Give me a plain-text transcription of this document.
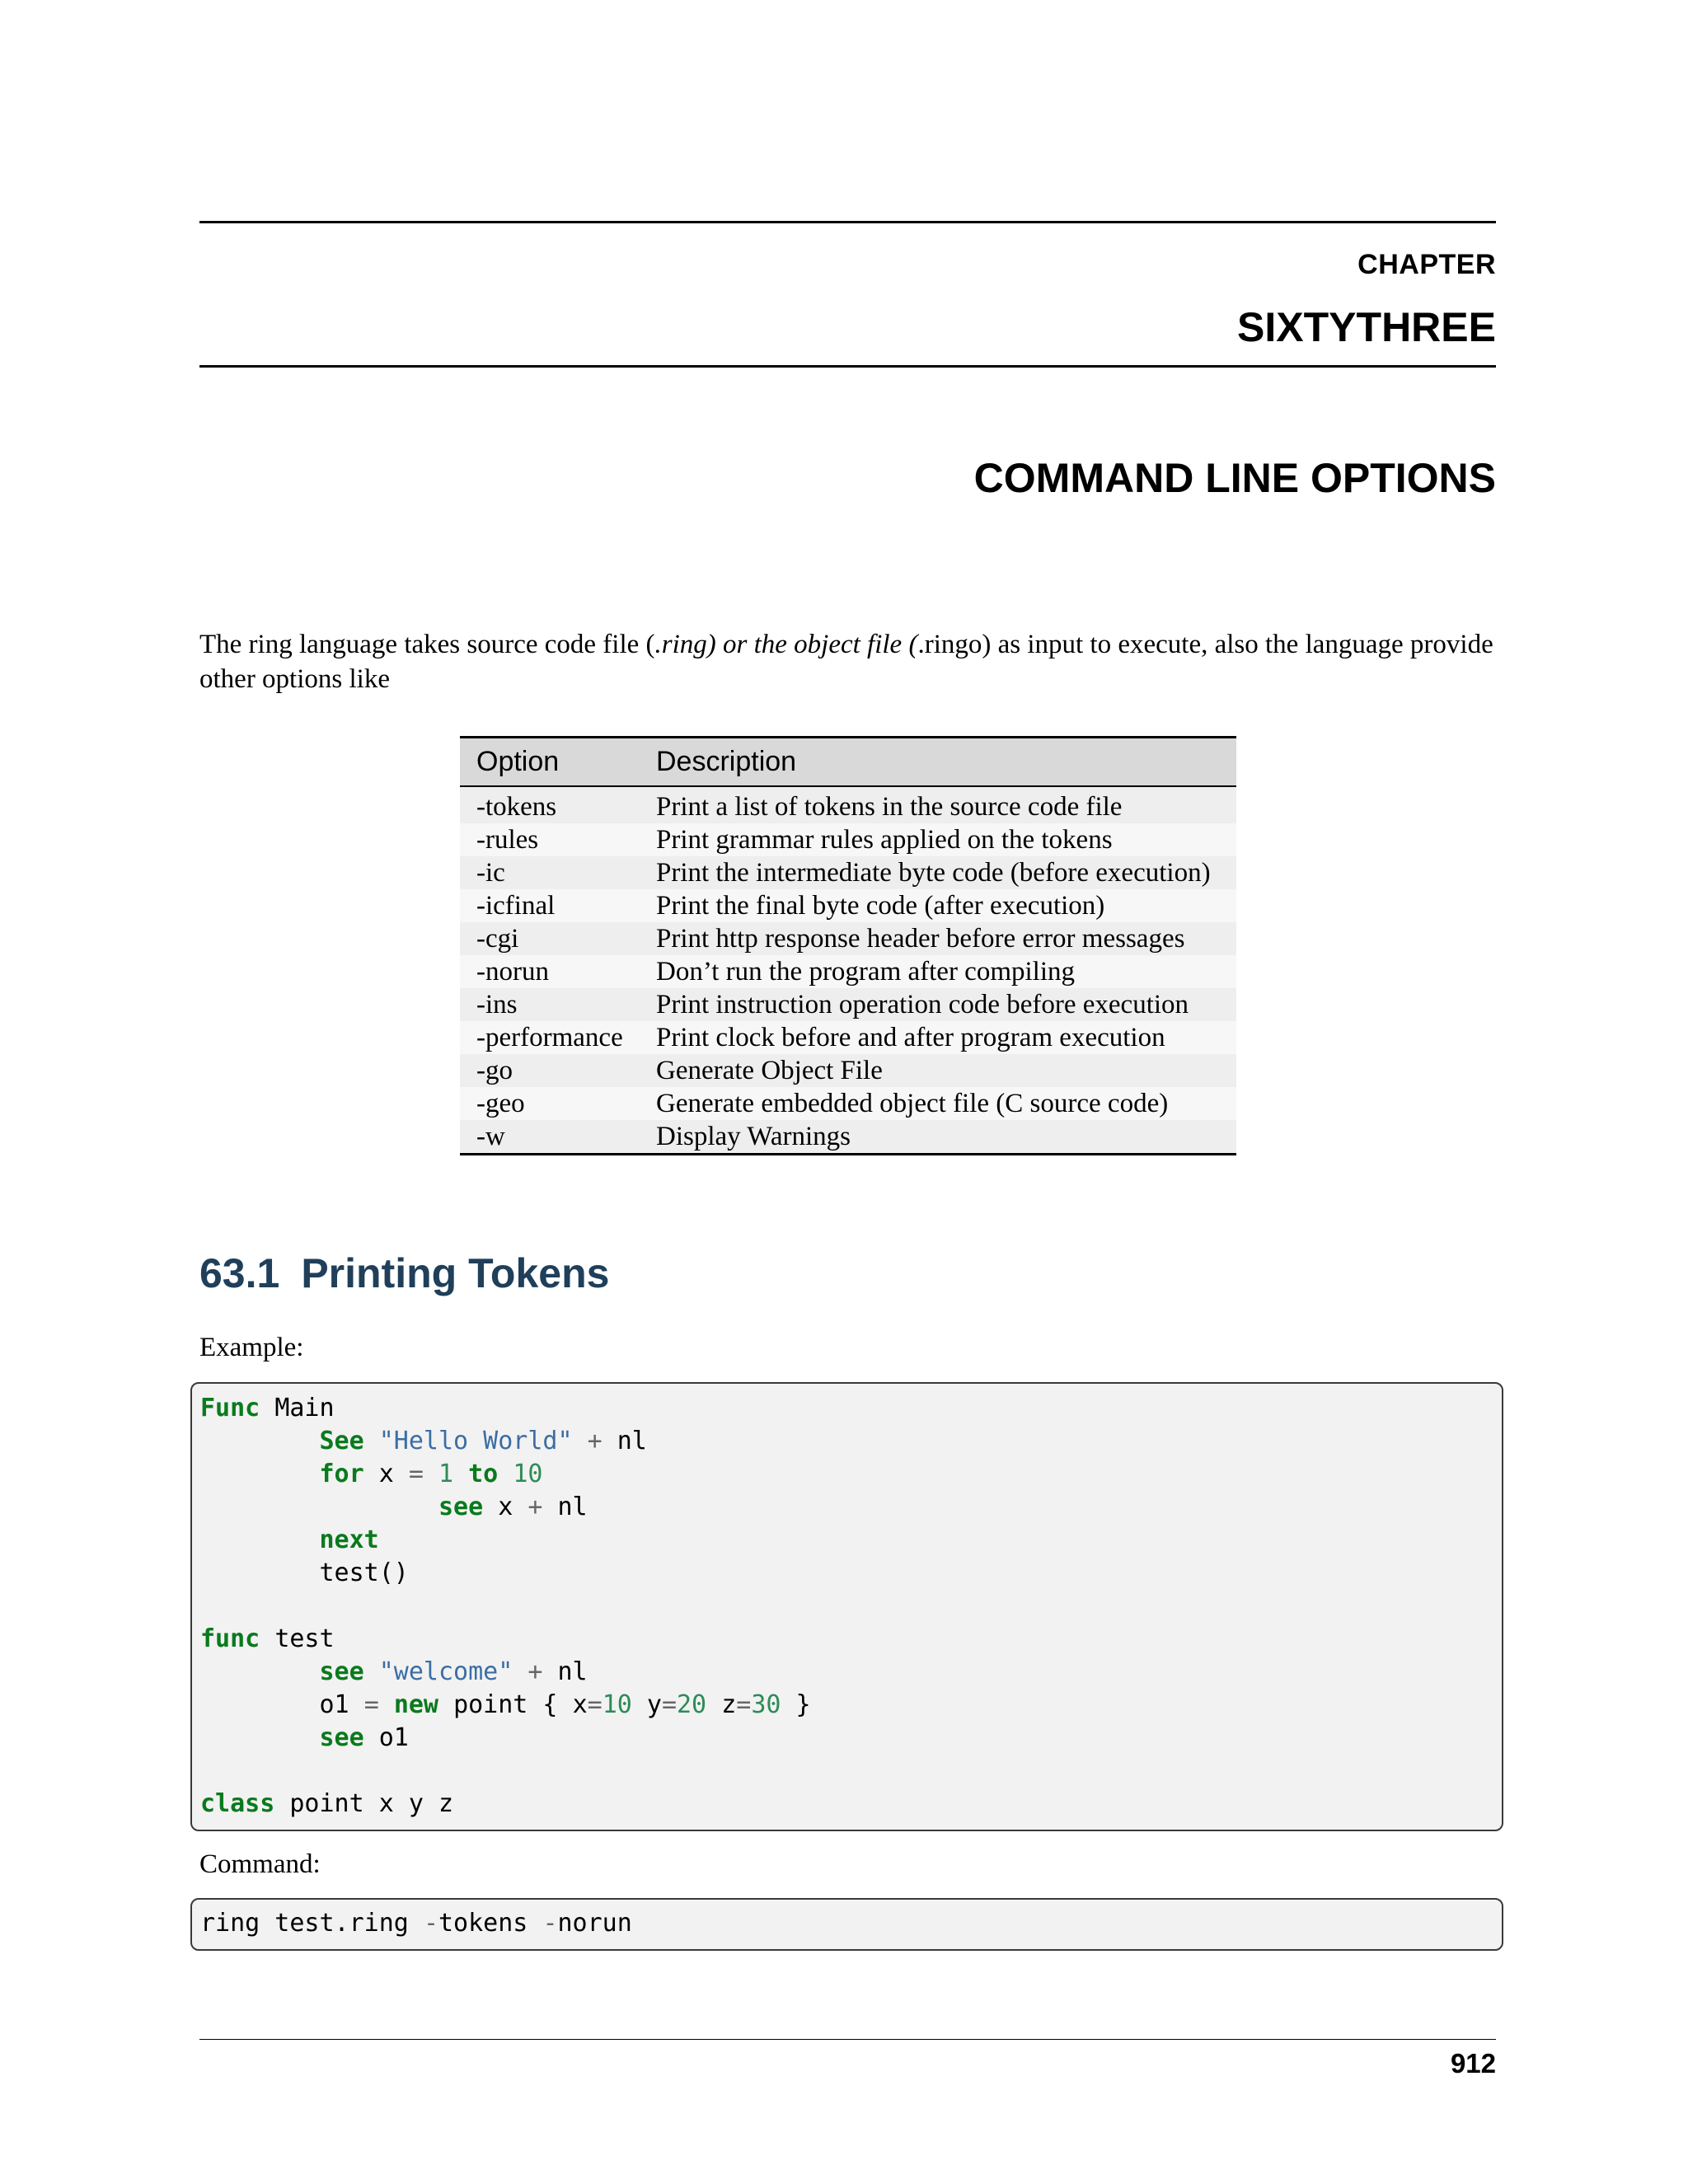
CHAPTER
SIXTYTHREE
COMMAND LINE OPTIONS

The ring language takes source code file (.ring) or the object file (.ringo) as input to execute, also the language provide other options like

Option	Description
-tokens	Print a list of tokens in the source code file
-rules	Print grammar rules applied on the tokens
-ic	Print the intermediate byte code (before execution)
-icfinal	Print the final byte code (after execution)
-cgi	Print http response header before error messages
-norun	Don’t run the program after compiling
-ins	Print instruction operation code before execution
-performance	Print clock before and after program execution
-go	Generate Object File
-geo	Generate embedded object file (C source code)
-w	Display Warnings
63.1 Printing Tokens
Example:
Func Main
See "Hello World" + nl
for x = 1 to 10
see x + nl
next
test()

func test
see "welcome" + nl
o1 = new point { x=10 y=20 z=30 }
see o1

class point x y z
Command:
ring test.ring -tokens -norun
912
